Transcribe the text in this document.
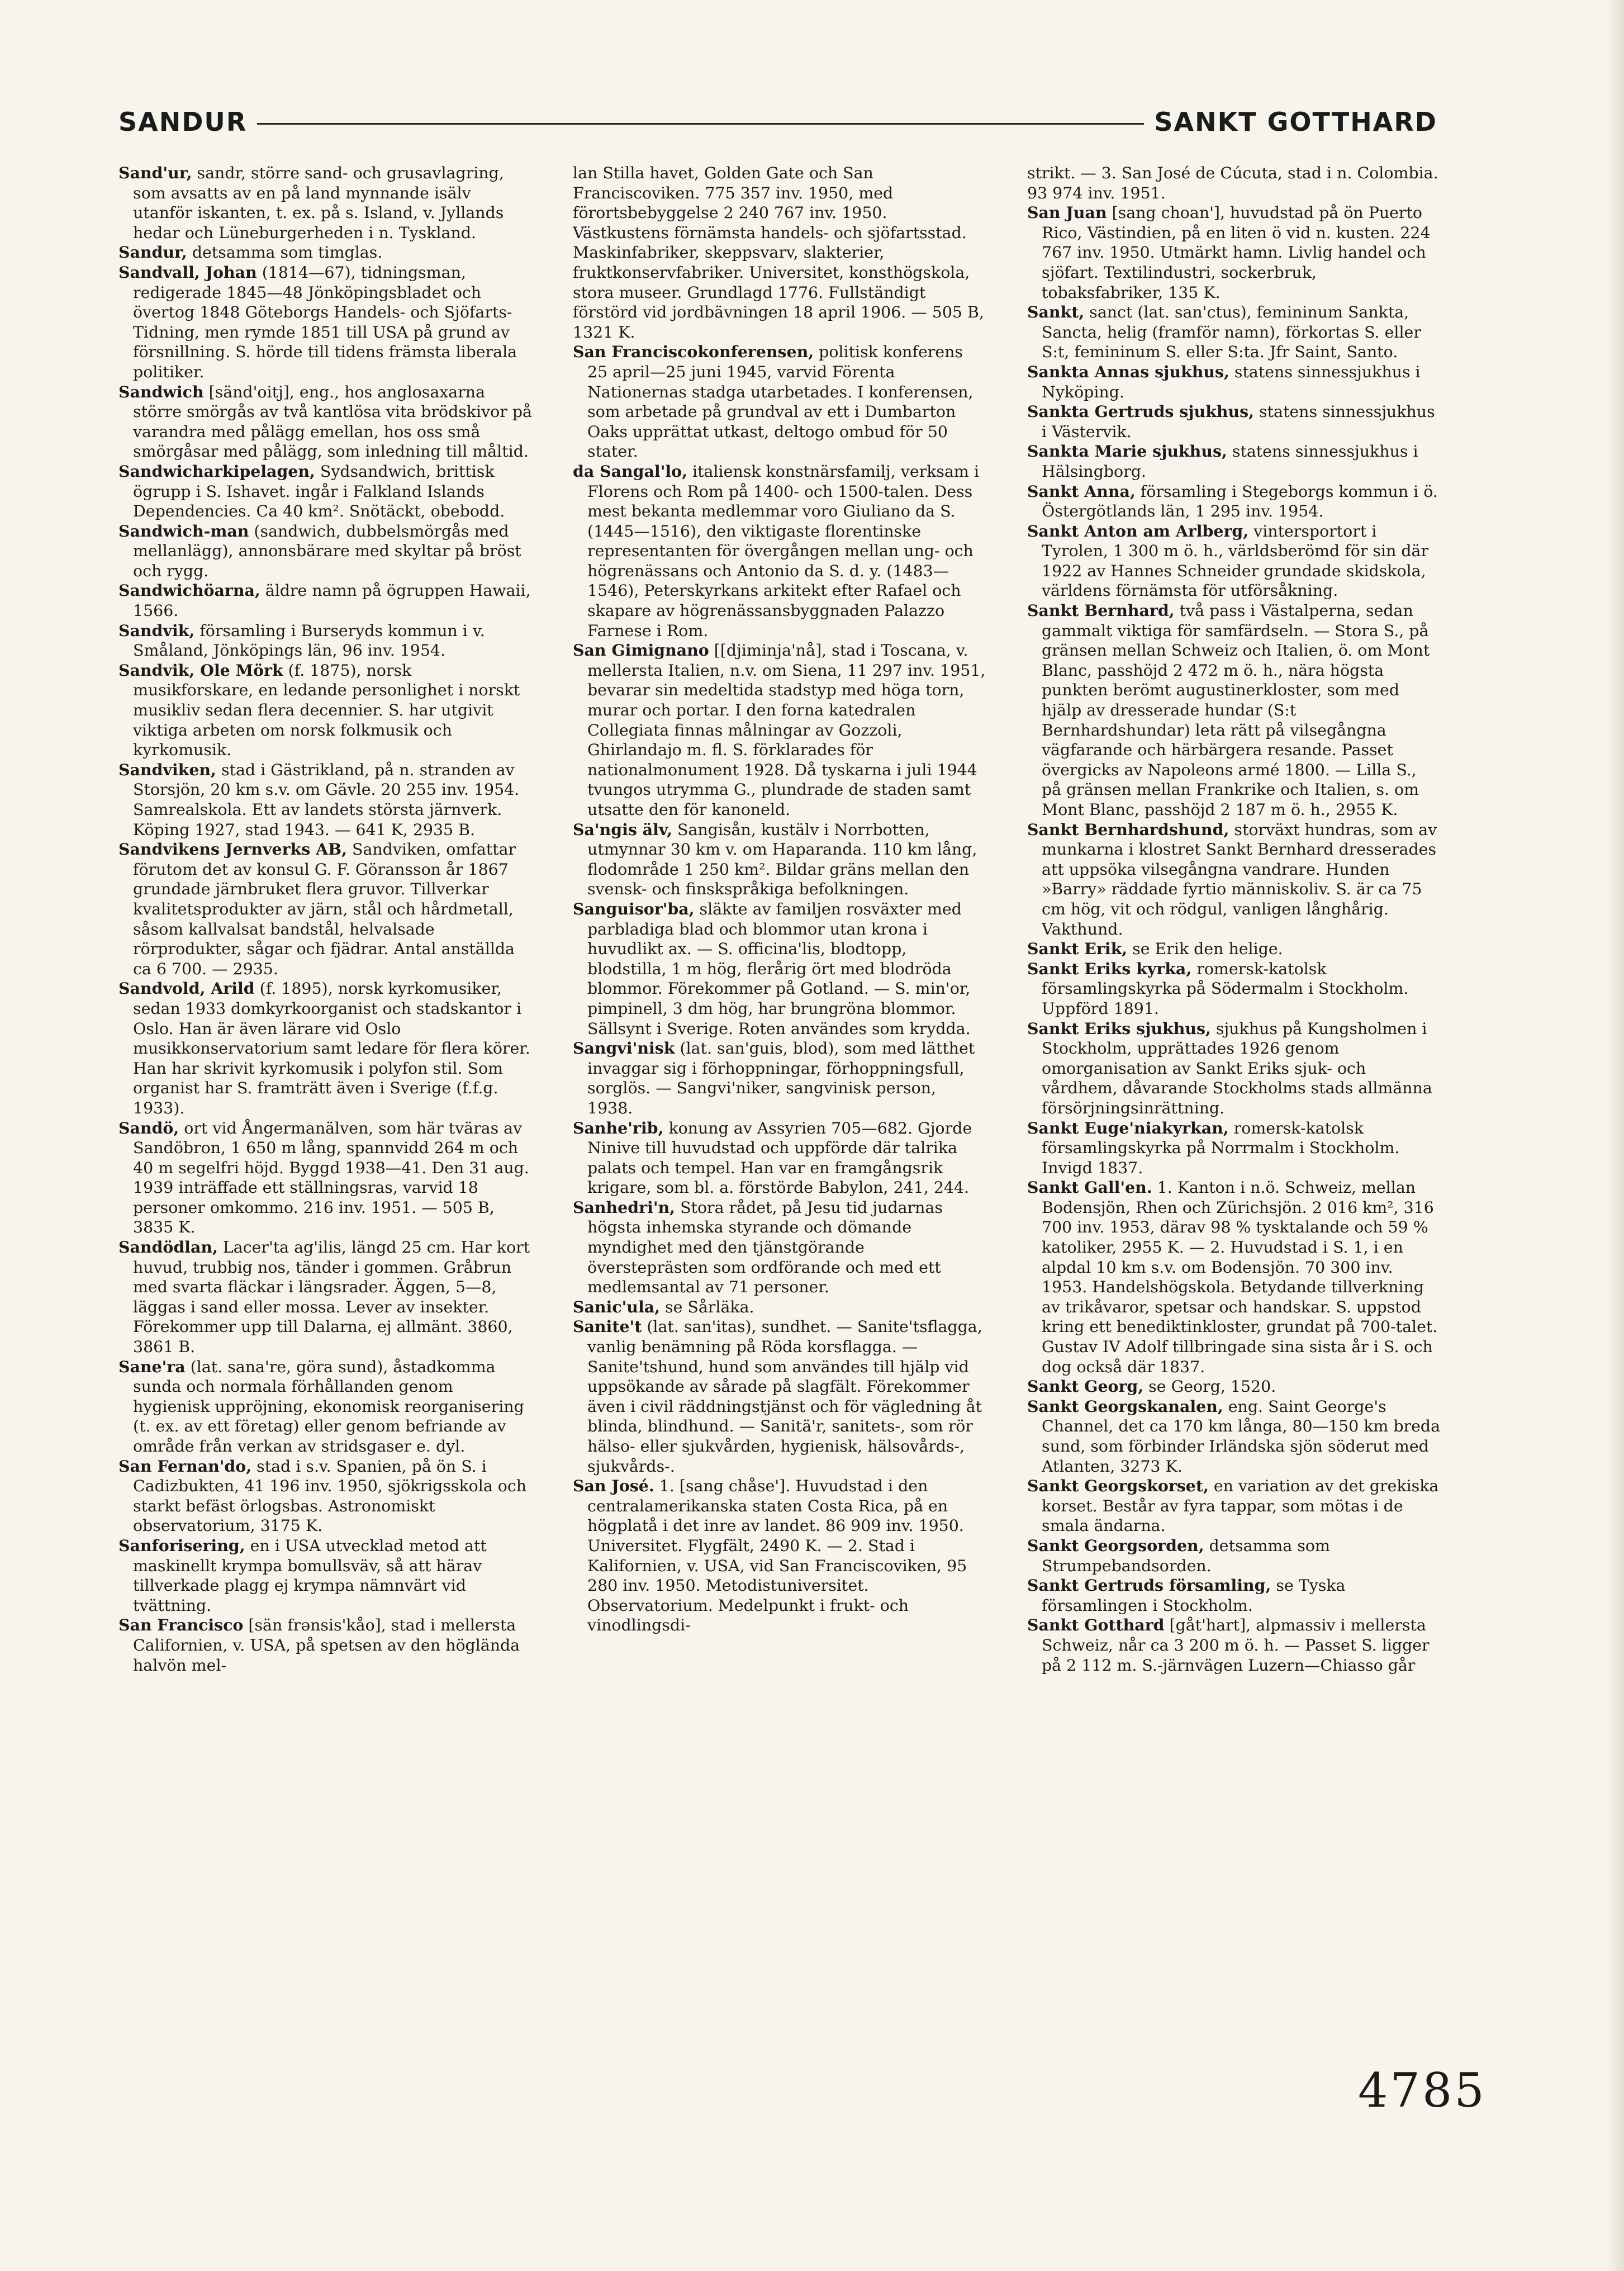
SANDUR	SANKT GOTTHARD

Sand'ur, sandr, större sand- och grusavlagring, som avsatts av en på land mynnande isälv utanför iskanten, t. ex. på s. Island, v. Jyllands hedar och Lüneburgerheden i n. Tyskland.

Sandur, detsamma som timglas.

Sandvall, Johan (1814—67), tidningsman, redigerade 1845—48 Jönköpingsbladet och övertog 1848 Göteborgs Handels- och Sjöfarts-Tidning, men rymde 1851 till USA på grund av försnillning. S. hörde till tidens främsta liberala politiker.

Sandwich [sänd'oitj], eng., hos anglosaxarna större smörgås av två kantlösa vita brödskivor på varandra med pålägg emellan, hos oss små smörgåsar med pålägg, som inledning till måltid.

Sandwicharkipelagen, Sydsandwich, brittisk ögrupp i S. Ishavet. ingår i Falkland Islands Dependencies. Ca 40 km². Snötäckt, obebodd.

Sandwich-man (sandwich, dubbelsmörgås med mellanlägg), annonsbärare med skyltar på bröst och rygg.

Sandwichöarna, äldre namn på ögruppen Hawaii, 1566.

Sandvik, församling i Burseryds kommun i v. Småland, Jönköpings län, 96 inv. 1954.

Sandvik, Ole Mörk (f. 1875), norsk musikforskare, en ledande personlighet i norskt musikliv sedan flera decennier. S. har utgivit viktiga arbeten om norsk folkmusik och kyrkomusik.

Sandviken, stad i Gästrikland, på n. stranden av Storsjön, 20 km s.v. om Gävle. 20 255 inv. 1954. Samrealskola. Ett av landets största järnverk. Köping 1927, stad 1943. — 641 K, 2935 B.

Sandvikens Jernverks AB, Sandviken, omfattar förutom det av konsul G. F. Göransson år 1867 grundade järnbruket flera gruvor. Tillverkar kvalitetsprodukter av järn, stål och hårdmetall, såsom kallvalsat bandstål, helvalsade rörprodukter, sågar och fjädrar. Antal anställda ca 6 700. — 2935.

Sandvold, Arild (f. 1895), norsk kyrkomusiker, sedan 1933 domkyrkoorganist och stadskantor i Oslo. Han är även lärare vid Oslo musikkonservatorium samt ledare för flera körer. Han har skrivit kyrkomusik i polyfon stil. Som organist har S. framträtt även i Sverige (f.f.g. 1933).

Sandö, ort vid Ångermanälven, som här tväras av Sandöbron, 1 650 m lång, spannvidd 264 m och 40 m segelfri höjd. Byggd 1938—41. Den 31 aug. 1939 inträffade ett ställningsras, varvid 18 personer omkommo. 216 inv. 1951. — 505 B, 3835 K.

Sandödlan, Lacer'ta ag'ilis, längd 25 cm. Har kort huvud, trubbig nos, tänder i gommen. Gråbrun med svarta fläckar i längsrader. Äggen, 5—8, läggas i sand eller mossa. Lever av insekter. Förekommer upp till Dalarna, ej allmänt. 3860, 3861 B.

Sane'ra (lat. sana're, göra sund), åstadkomma sunda och normala förhållanden genom hygienisk uppröjning, ekonomisk reorganisering (t. ex. av ett företag) eller genom befriande av område från verkan av stridsgaser e. dyl.

San Fernan'do, stad i s.v. Spanien, på ön S. i Cadizbukten, 41 196 inv. 1950, sjökrigsskola och starkt befäst örlogsbas. Astronomiskt observatorium, 3175 K.

Sanforisering, en i USA utvecklad metod att maskinellt krympa bomullsväv, så att härav tillverkade plagg ej krympa nämnvärt vid tvättning.

San Francisco [sän frənsis'kåo], stad i mellersta Californien, v. USA, på spetsen av den höglända halvön mel-

lan Stilla havet, Golden Gate och San Franciscoviken. 775 357 inv. 1950, med förortsbebyggelse 2 240 767 inv. 1950. Västkustens förnämsta handels- och sjöfartsstad. Maskinfabriker, skeppsvarv, slakterier, fruktkonservfabriker. Universitet, konsthögskola, stora museer. Grundlagd 1776. Fullständigt förstörd vid jordbävningen 18 april 1906. — 505 B, 1321 K.

San Franciscokonferensen, politisk konferens 25 april—25 juni 1945, varvid Förenta Nationernas stadga utarbetades. I konferensen, som arbetade på grundval av ett i Dumbarton Oaks upprättat utkast, deltogo ombud för 50 stater.

da Sangal'lo, italiensk konstnärsfamilj, verksam i Florens och Rom på 1400- och 1500-talen. Dess mest bekanta medlemmar voro Giuliano da S. (1445—1516), den viktigaste florentinske representanten för övergången mellan ung- och högrenässans och Antonio da S. d. y. (1483—1546), Peterskyrkans arkitekt efter Rafael och skapare av högrenässansbyggnaden Palazzo Farnese i Rom.

San Gimignano [[djiminja'nå], stad i Toscana, v. mellersta Italien, n.v. om Siena, 11 297 inv. 1951, bevarar sin medeltida stadstyp med höga torn, murar och portar. I den forna katedralen Collegiata finnas målningar av Gozzoli, Ghirlandajo m. fl. S. förklarades för nationalmonument 1928. Då tyskarna i juli 1944 tvungos utrymma G., plundrade de staden samt utsatte den för kanoneld.

Sa'ngis älv, Sangisån, kustälv i Norrbotten, utmynnar 30 km v. om Haparanda. 110 km lång, flodområde 1 250 km². Bildar gräns mellan den svensk- och finskspråkiga befolkningen.

Sanguisor'ba, släkte av familjen rosväxter med parbladiga blad och blommor utan krona i huvudlikt ax. — S. officina'lis, blodtopp, blodstilla, 1 m hög, flerårig ört med blodröda blommor. Förekommer på Gotland. — S. min'or, pimpinell, 3 dm hög, har brungröna blommor. Sällsynt i Sverige. Roten användes som krydda.

Sangvi'nisk (lat. san'guis, blod), som med lätthet invaggar sig i förhoppningar, förhoppningsfull, sorglös. — Sangvi'niker, sangvinisk person, 1938.

Sanhe'rib, konung av Assyrien 705—682. Gjorde Ninive till huvudstad och uppförde där talrika palats och tempel. Han var en framgångsrik krigare, som bl. a. förstörde Babylon, 241, 244.

Sanhedri'n, Stora rådet, på Jesu tid judarnas högsta inhemska styrande och dömande myndighet med den tjänstgörande översteprästen som ordförande och med ett medlemsantal av 71 personer.

Sanic'ula, se Sårläka.

Sanite't (lat. san'itas), sundhet. — Sanite'tsflagga, vanlig benämning på Röda korsflagga. — Sanite'tshund, hund som användes till hjälp vid uppsökande av sårade på slagfält. Förekommer även i civil räddningstjänst och för vägledning åt blinda, blindhund. — Sanitä'r, sanitets-, som rör hälso- eller sjukvården, hygienisk, hälsovårds-, sjukvårds-.

San José. 1. [sang chåse']. Huvudstad i den centralamerikanska staten Costa Rica, på en högplatå i det inre av landet. 86 909 inv. 1950. Universitet. Flygfält, 2490 K. — 2. Stad i Kalifornien, v. USA, vid San Franciscoviken, 95 280 inv. 1950. Metodistuniversitet. Observatorium. Medelpunkt i frukt- och vinodlingsdi-

strikt. — 3. San José de Cúcuta, stad i n. Colombia. 93 974 inv. 1951.

San Juan [sang choan'], huvudstad på ön Puerto Rico, Västindien, på en liten ö vid n. kusten. 224 767 inv. 1950. Utmärkt hamn. Livlig handel och sjöfart. Textilindustri, sockerbruk, tobaksfabriker, 135 K.

Sankt, sanct (lat. san'ctus), femininum Sankta, Sancta, helig (framför namn), förkortas S. eller S:t, femininum S. eller S:ta. Jfr Saint, Santo.

Sankta Annas sjukhus, statens sinnessjukhus i Nyköping.

Sankta Gertruds sjukhus, statens sinnessjukhus i Västervik.

Sankta Marie sjukhus, statens sinnessjukhus i Hälsingborg.

Sankt Anna, församling i Stegeborgs kommun i ö. Östergötlands län, 1 295 inv. 1954.

Sankt Anton am Arlberg, vintersportort i Tyrolen, 1 300 m ö. h., världsberömd för sin där 1922 av Hannes Schneider grundade skidskola, världens förnämsta för utförsåkning.

Sankt Bernhard, två pass i Västalperna, sedan gammalt viktiga för samfärdseln. — Stora S., på gränsen mellan Schweiz och Italien, ö. om Mont Blanc, passhöjd 2 472 m ö. h., nära högsta punkten berömt augustinerkloster, som med hjälp av dresserade hundar (S:t Bernhardshundar) leta rätt på vilsegångna vägfarande och härbärgera resande. Passet övergicks av Napoleons armé 1800. — Lilla S., på gränsen mellan Frankrike och Italien, s. om Mont Blanc, passhöjd 2 187 m ö. h., 2955 K.

Sankt Bernhardshund, storväxt hundras, som av munkarna i klostret Sankt Bernhard dresserades att uppsöka vilsegångna vandrare. Hunden »Barry» räddade fyrtio människoliv. S. är ca 75 cm hög, vit och rödgul, vanligen långhårig. Vakthund.

Sankt Erik, se Erik den helige.

Sankt Eriks kyrka, romersk-katolsk församlingskyrka på Södermalm i Stockholm. Uppförd 1891.

Sankt Eriks sjukhus, sjukhus på Kungsholmen i Stockholm, upprättades 1926 genom omorganisation av Sankt Eriks sjuk- och vårdhem, dåvarande Stockholms stads allmänna försörjningsinrättning.

Sankt Euge'niakyrkan, romersk-katolsk församlingskyrka på Norrmalm i Stockholm. Invigd 1837.

Sankt Gall'en. 1. Kanton i n.ö. Schweiz, mellan Bodensjön, Rhen och Zürichsjön. 2 016 km², 316 700 inv. 1953, därav 98 % tysktalande och 59 % katoliker, 2955 K. — 2. Huvudstad i S. 1, i en alpdal 10 km s.v. om Bodensjön. 70 300 inv. 1953. Handelshögskola. Betydande tillverkning av trikåvaror, spetsar och handskar. S. uppstod kring ett benediktinkloster, grundat på 700-talet. Gustav IV Adolf tillbringade sina sista år i S. och dog också där 1837.

Sankt Georg, se Georg, 1520.

Sankt Georgskanalen, eng. Saint George's Channel, det ca 170 km långa, 80—150 km breda sund, som förbinder Irländska sjön söderut med Atlanten, 3273 K.

Sankt Georgskorset, en variation av det grekiska korset. Består av fyra tappar, som mötas i de smala ändarna.

Sankt Georgsorden, detsamma som Strumpebandsorden.

Sankt Gertruds församling, se Tyska församlingen i Stockholm.

Sankt Gotthard [gåt'hart], alpmassiv i mellersta Schweiz, når ca 3 200 m ö. h. — Passet S. ligger på 2 112 m. S.-järnvägen Luzern—Chiasso går

4785
